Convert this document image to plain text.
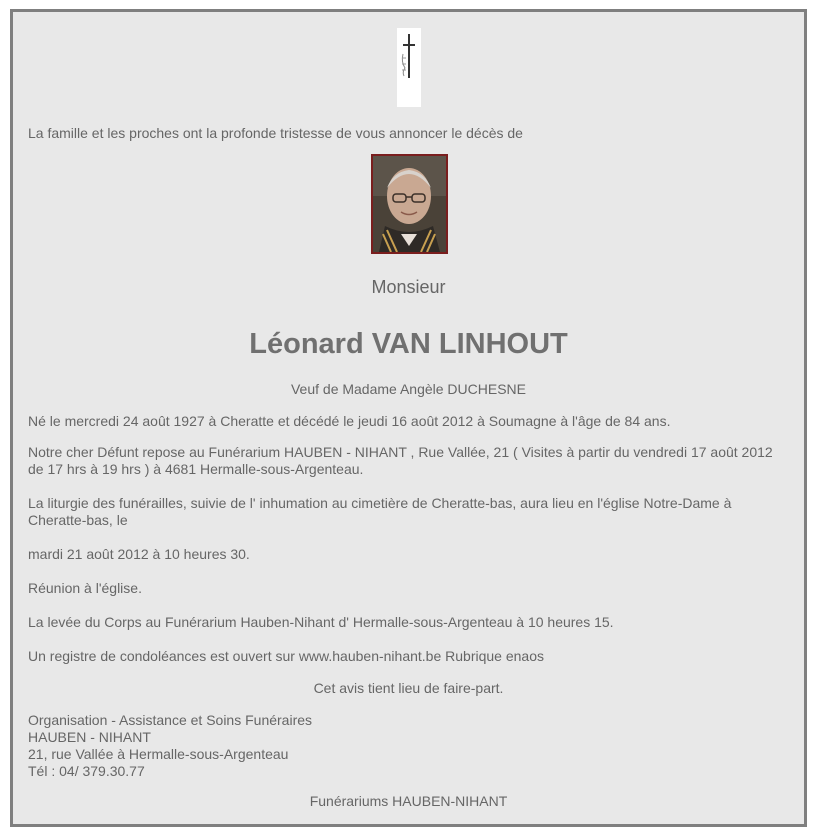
La famille et les proches ont la profonde tristesse de vous annoncer le décès de

Monsieur

Léonard VAN LINHOUT

Veuf de Madame Angèle DUCHESNE

Né le mercredi 24 août 1927 à Cheratte et décédé le jeudi 16 août 2012 à Soumagne à l'âge de 84 ans.

Notre cher Défunt repose au Funérarium HAUBEN - NIHANT , Rue Vallée, 21 ( Visites à partir du vendredi 17 août 2012 de 17 hrs à 19 hrs ) à 4681 Hermalle-sous-Argenteau.

La liturgie des funérailles, suivie de l' inhumation au cimetière de Cheratte-bas, aura lieu en l'église Notre-Dame à Cheratte-bas, le

mardi 21 août 2012 à 10 heures 30.

Réunion à l'église.

La levée du Corps au Funérarium Hauben-Nihant d' Hermalle-sous-Argenteau à 10 heures 15.

Un registre de condoléances est ouvert sur www.hauben-nihant.be Rubrique enaos

Cet avis tient lieu de faire-part.

Organisation - Assistance et Soins Funéraires
HAUBEN - NIHANT
21, rue Vallée à Hermalle-sous-Argenteau
Tél : 04/ 379.30.77

Funérariums HAUBEN-NIHANT
